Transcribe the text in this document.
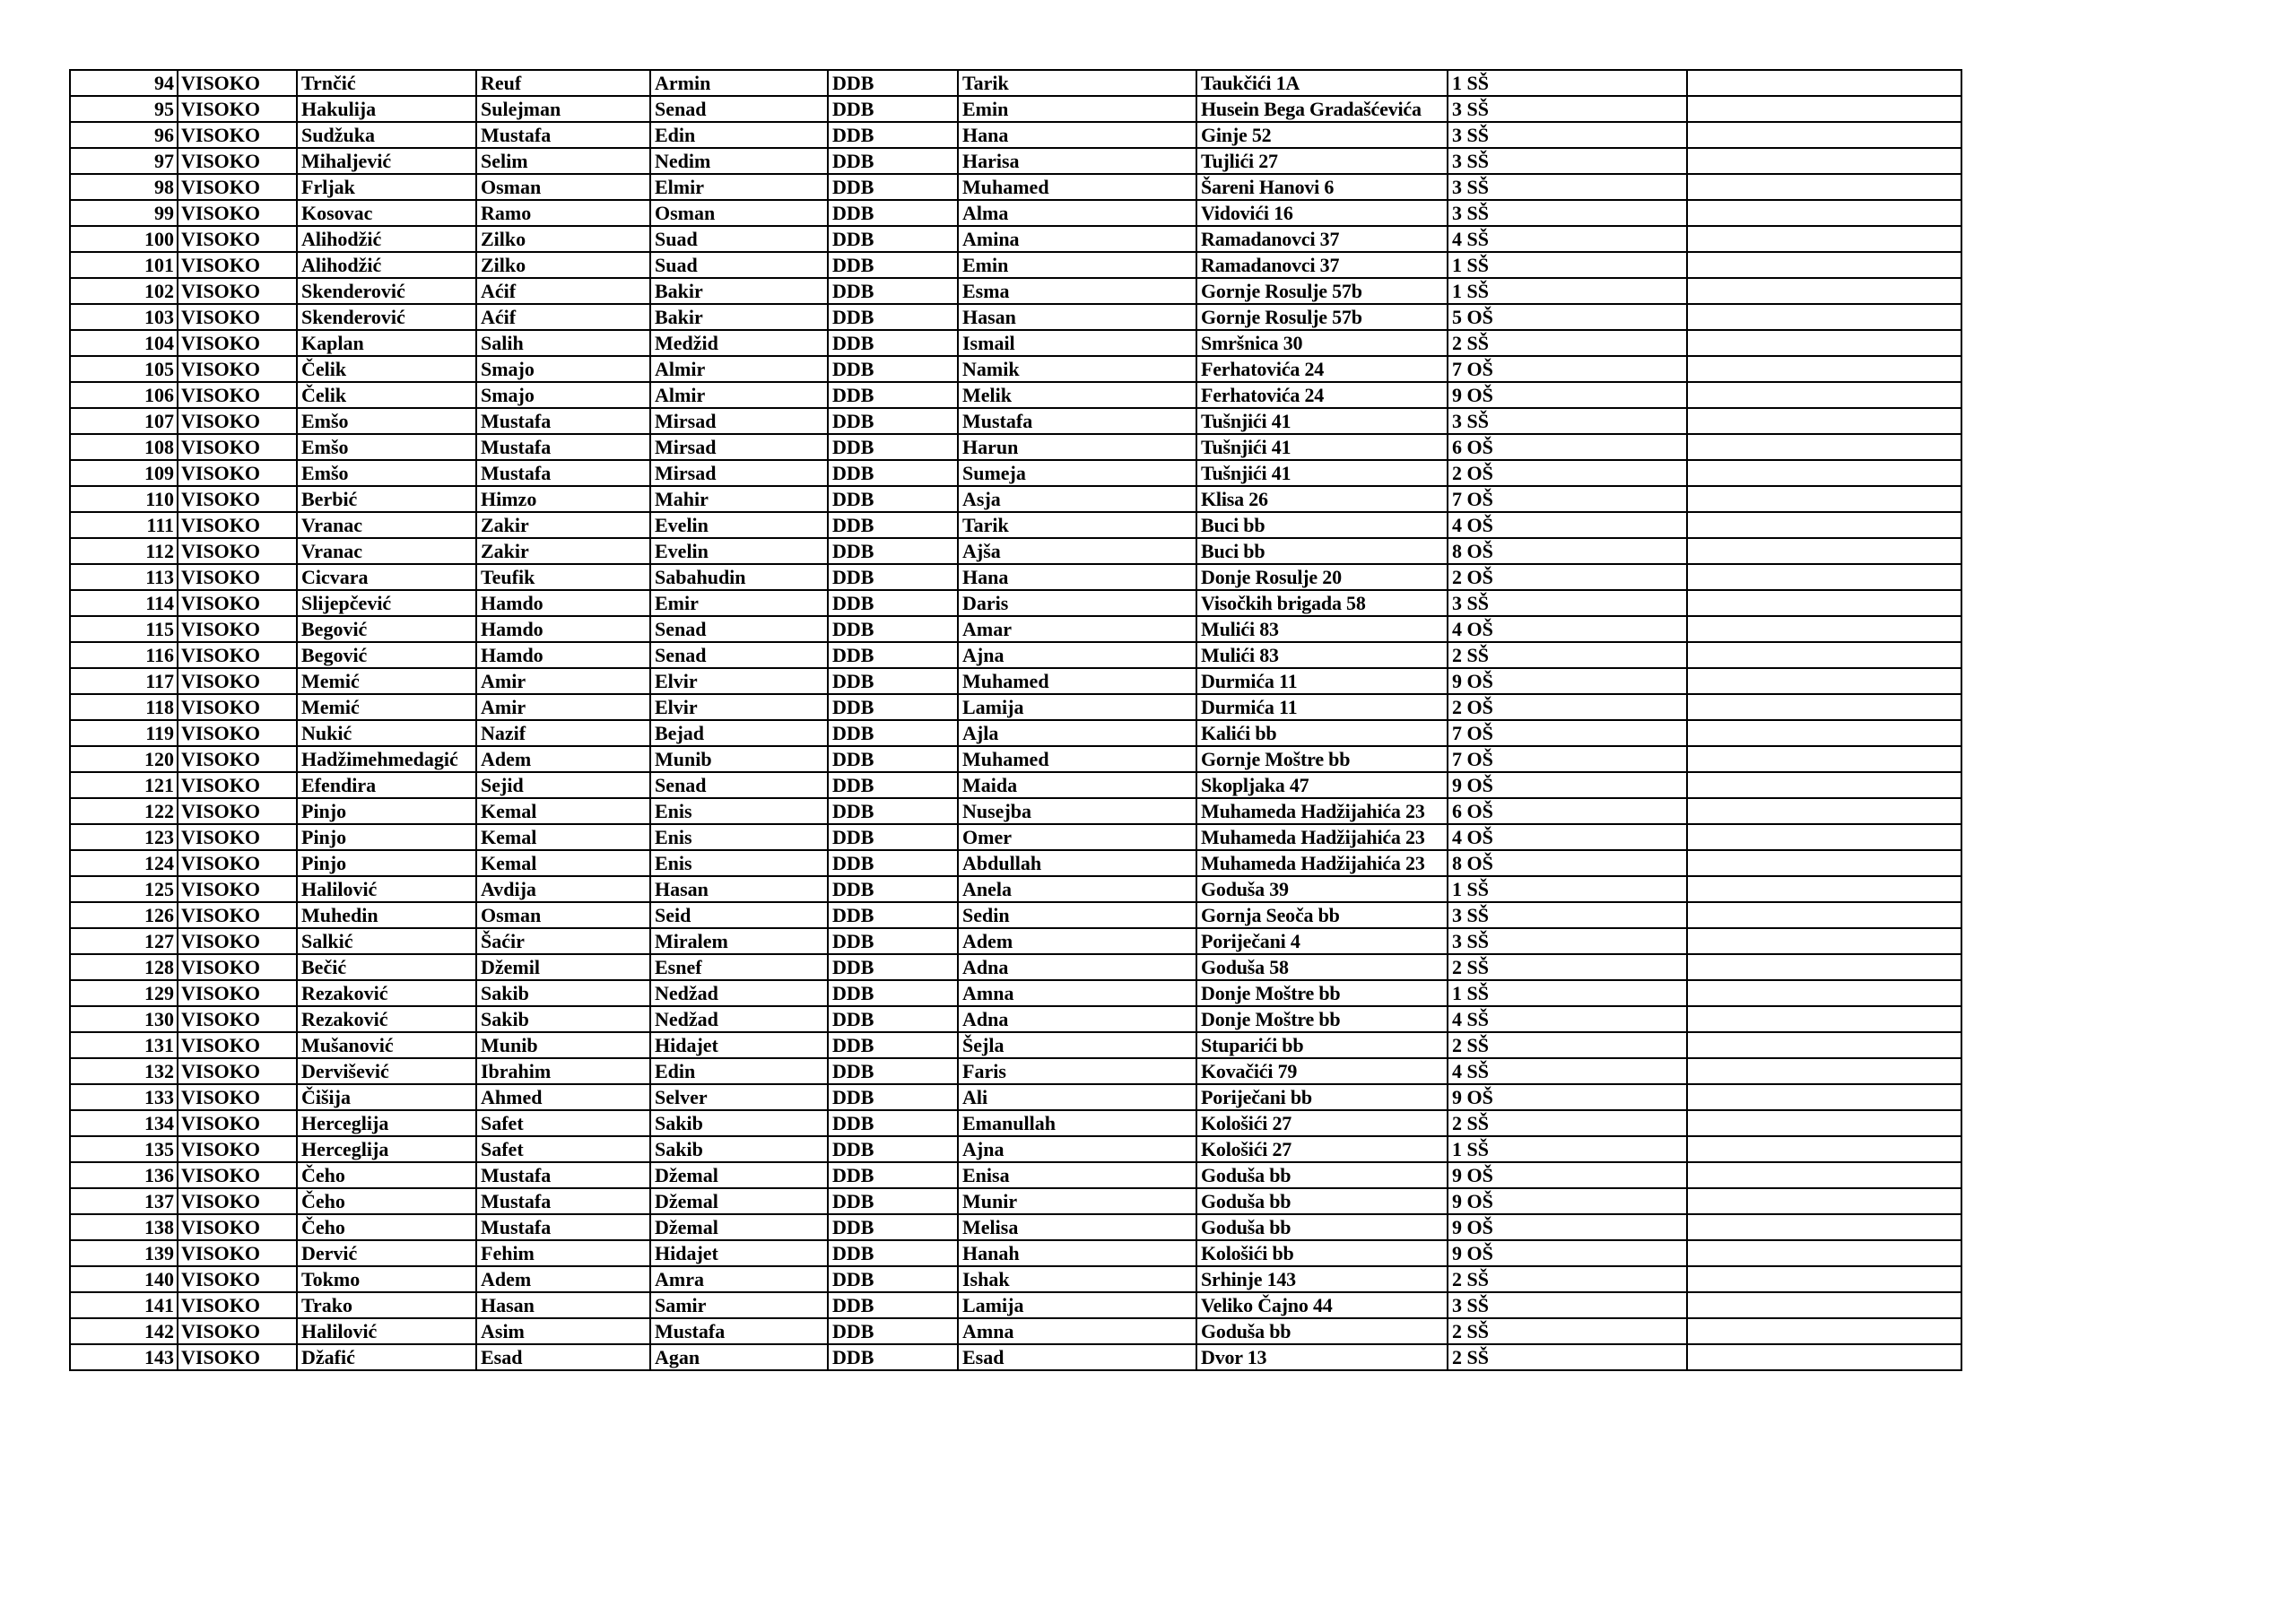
94	VISOKO	Trnčić	Reuf	Armin	DDB	Tarik	Taukčići 1A	1 SŠ	
95	VISOKO	Hakulija	Sulejman	Senad	DDB	Emin	Husein Bega Gradašćevića	3 SŠ	
96	VISOKO	Sudžuka	Mustafa	Edin	DDB	Hana	Ginje 52	3 SŠ	
97	VISOKO	Mihaljević	Selim	Nedim	DDB	Harisa	Tujlići 27	3 SŠ	
98	VISOKO	Frljak	Osman	Elmir	DDB	Muhamed	Šareni Hanovi 6	3 SŠ	
99	VISOKO	Kosovac	Ramo	Osman	DDB	Alma	Vidovići 16	3 SŠ	
100	VISOKO	Alihodžić	Zilko	Suad	DDB	Amina	Ramadanovci 37	4 SŠ	
101	VISOKO	Alihodžić	Zilko	Suad	DDB	Emin	Ramadanovci 37	1 SŠ	
102	VISOKO	Skenderović	Aćif	Bakir	DDB	Esma	Gornje Rosulje 57b	1 SŠ	
103	VISOKO	Skenderović	Aćif	Bakir	DDB	Hasan	Gornje Rosulje 57b	5 OŠ	
104	VISOKO	Kaplan	Salih	Medžid	DDB	Ismail	Smršnica 30	2 SŠ	
105	VISOKO	Čelik	Smajo	Almir	DDB	Namik	Ferhatovića 24	7 OŠ	
106	VISOKO	Čelik	Smajo	Almir	DDB	Melik	Ferhatovića 24	9 OŠ	
107	VISOKO	Emšo	Mustafa	Mirsad	DDB	Mustafa	Tušnjići 41	3 SŠ	
108	VISOKO	Emšo	Mustafa	Mirsad	DDB	Harun	Tušnjići 41	6 OŠ	
109	VISOKO	Emšo	Mustafa	Mirsad	DDB	Sumeja	Tušnjići 41	2 OŠ	
110	VISOKO	Berbić	Himzo	Mahir	DDB	Asja	Klisa 26	7 OŠ	
111	VISOKO	Vranac	Zakir	Evelin	DDB	Tarik	Buci bb	4 OŠ	
112	VISOKO	Vranac	Zakir	Evelin	DDB	Ajša	Buci bb	8 OŠ	
113	VISOKO	Cicvara	Teufik	Sabahudin	DDB	Hana	Donje Rosulje 20	2 OŠ	
114	VISOKO	Slijepčević	Hamdo	Emir	DDB	Daris	Visočkih brigada 58	3 SŠ	
115	VISOKO	Begović	Hamdo	Senad	DDB	Amar	Mulići 83	4 OŠ	
116	VISOKO	Begović	Hamdo	Senad	DDB	Ajna	Mulići 83	2 SŠ	
117	VISOKO	Memić	Amir	Elvir	DDB	Muhamed	Durmića 11	9 OŠ	
118	VISOKO	Memić	Amir	Elvir	DDB	Lamija	Durmića 11	2 OŠ	
119	VISOKO	Nukić	Nazif	Bejad	DDB	Ajla	Kalići bb	7 OŠ	
120	VISOKO	Hadžimehmedagić	Adem	Munib	DDB	Muhamed	Gornje Moštre bb	7 OŠ	
121	VISOKO	Efendira	Sejid	Senad	DDB	Maida	Skopljaka 47	9 OŠ	
122	VISOKO	Pinjo	Kemal	Enis	DDB	Nusejba	Muhameda Hadžijahića 23	6 OŠ	
123	VISOKO	Pinjo	Kemal	Enis	DDB	Omer	Muhameda Hadžijahića 23	4 OŠ	
124	VISOKO	Pinjo	Kemal	Enis	DDB	Abdullah	Muhameda Hadžijahića 23	8 OŠ	
125	VISOKO	Halilović	Avdija	Hasan	DDB	Anela	Goduša 39	1 SŠ	
126	VISOKO	Muhedin	Osman	Seid	DDB	Sedin	Gornja Seoča bb	3 SŠ	
127	VISOKO	Salkić	Šaćir	Miralem	DDB	Adem	Poriječani 4	3 SŠ	
128	VISOKO	Bečić	Džemil	Esnef	DDB	Adna	Goduša 58	2 SŠ	
129	VISOKO	Rezaković	Sakib	Nedžad	DDB	Amna	Donje Moštre bb	1 SŠ	
130	VISOKO	Rezaković	Sakib	Nedžad	DDB	Adna	Donje Moštre bb	4 SŠ	
131	VISOKO	Mušanović	Munib	Hidajet	DDB	Šejla	Stuparići bb	2 SŠ	
132	VISOKO	Dervišević	Ibrahim	Edin	DDB	Faris	Kovačići 79	4 SŠ	
133	VISOKO	Čišija	Ahmed	Selver	DDB	Ali	Poriječani bb	9 OŠ	
134	VISOKO	Herceglija	Safet	Sakib	DDB	Emanullah	Kološići 27	2 SŠ	
135	VISOKO	Herceglija	Safet	Sakib	DDB	Ajna	Kološići 27	1 SŠ	
136	VISOKO	Čeho	Mustafa	Džemal	DDB	Enisa	Goduša bb	9 OŠ	
137	VISOKO	Čeho	Mustafa	Džemal	DDB	Munir	Goduša bb	9 OŠ	
138	VISOKO	Čeho	Mustafa	Džemal	DDB	Melisa	Goduša bb	9 OŠ	
139	VISOKO	Dervić	Fehim	Hidajet	DDB	Hanah	Kološići bb	9 OŠ	
140	VISOKO	Tokmo	Adem	Amra	DDB	Ishak	Srhinje 143	2 SŠ	
141	VISOKO	Trako	Hasan	Samir	DDB	Lamija	Veliko Čajno 44	3 SŠ	
142	VISOKO	Halilović	Asim	Mustafa	DDB	Amna	Goduša bb	2 SŠ	
143	VISOKO	Džafić	Esad	Agan	DDB	Esad	Dvor 13	2 SŠ	
